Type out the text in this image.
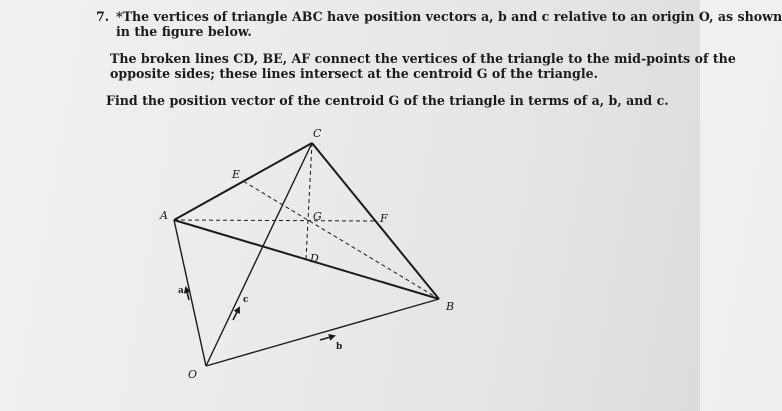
7. *The vertices of triangle ABC have position vectors a, b and c relative to an origin O, as shown
in the figure below.
The broken lines CD, BE, AF connect the vertices of the triangle to the mid-points of the
opposite sides; these lines intersect at the centroid G of the triangle.
Find the position vector of the centroid G of the triangle in terms of a, b, and c.
A
B
C
O
E
F
G
D
a
c
b
